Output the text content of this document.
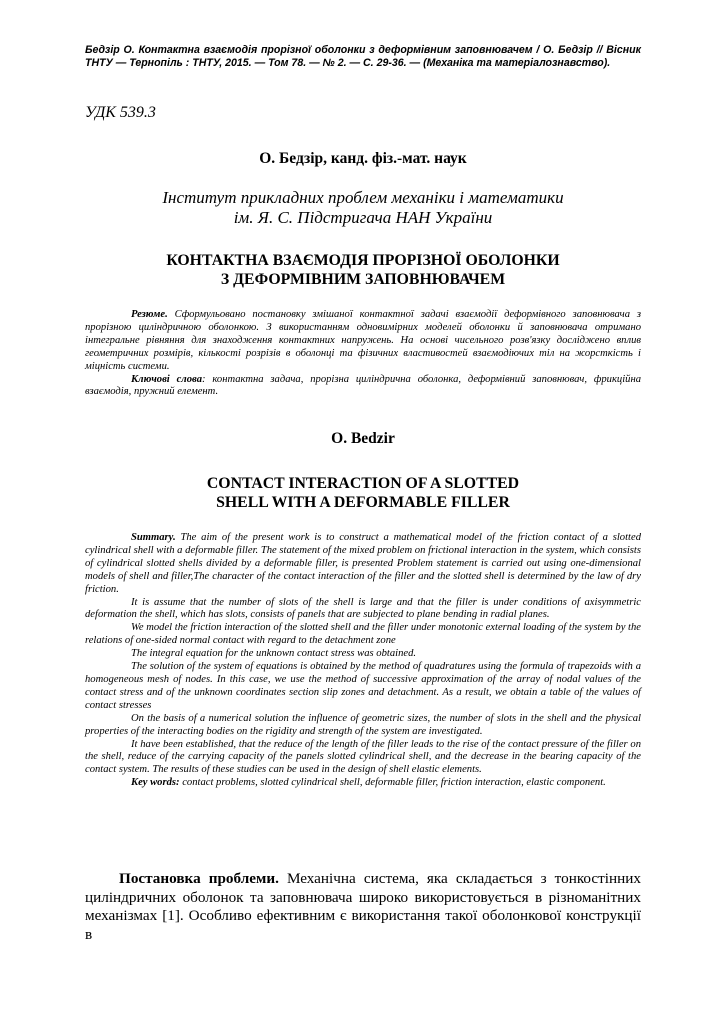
Бедзір О. Контактна взаємодія прорізної оболонки з деформівним заповнювачем / О. Бедзір // Вісник ТНТУ — Тернопіль : ТНТУ, 2015. — Том 78. — № 2. — С. 29-36. — (Механіка та матеріалознавство).
УДК 539.3
О. Бедзір, канд. фіз.-мат. наук
Інститут прикладних проблем механіки і математики
ім. Я. С. Підстригача НАН України
КОНТАКТНА ВЗАЄМОДІЯ ПРОРІЗНОЇ ОБОЛОНКИ
З ДЕФОРМІВНИМ ЗАПОВНЮВАЧЕМ

Резюме. Сформульовано постановку змішаної контактної задачі взаємодії деформівного заповнювача з прорізною циліндричною оболонкою. З використанням одновимірних моделей оболонки й заповнювача отримано інтегральне рівняння для знаходження контактних напружень. На основі чисельного розв'язку досліджено вплив геометричних розмірів, кількості розрізів в оболонці та фізичних властивостей взаємодіючих тіл на жорсткість і міцність системи.

Ключові слова: контактна задача, прорізна циліндрична оболонка, деформівний заповнювач, фрикційна взаємодія, пружний елемент.

O. Bedzir
CONTACT INTERACTION OF A SLOTTED
SHELL WITH A DEFORMABLE FILLER

Summary. The aim of the present work is to construct a mathematical model of the friction contact of a slotted cylindrical shell with a deformable filler. The statement of the mixed problem on frictional interaction in the system, which consists of cylindrical slotted shells divided by a deformable filler, is presented Problem statement is carried out using one-dimensional models of shell and filler,The character of the contact interaction of the filler and the slotted shell is determined by the law of dry friction.

It is assume that the number of slots of the shell is large and that the filler is under conditions of axisymmetric deformation the shell, which has slots, consists of panels that are subjected to plane bending in radial planes.

We model the friction interaction of the slotted shell and the filler under monotonic external loading of the system by the relations of one-sided normal contact with regard to the detachment zone

The integral equation for the unknown contact stress was obtained.

The solution of the system of equations is obtained by the method of quadratures using the formula of trapezoids with a homogeneous mesh of nodes. In this case, we use the method of successive approximation of the array of nodal values of the contact stress and of the unknown coordinates section slip zones and detachment. As a result, we obtain a table of the values of contact stresses

On the basis of a numerical solution the influence of geometric sizes, the number of slots in the shell and the physical properties of the interacting bodies on the rigidity and strength of the system are investigated.

It have been established, that the reduce of the length of the filler leads to the rise of the contact pressure of the filler on the shell, reduce of the carrying capacity of the panels slotted cylindrical shell, and the decrease in the bearing capacity of the contact system. The results of these studies can be used in the design of shell elastic elements.

Key words: contact problems, slotted cylindrical shell, deformable filler, friction interaction, elastic component.

Постановка проблеми. Механічна система, яка складається з тонкостінних циліндричних оболонок та заповнювача широко використовується в різноманітних механізмах [1]. Особливо ефективним є використання такої оболонкової конструкції в
